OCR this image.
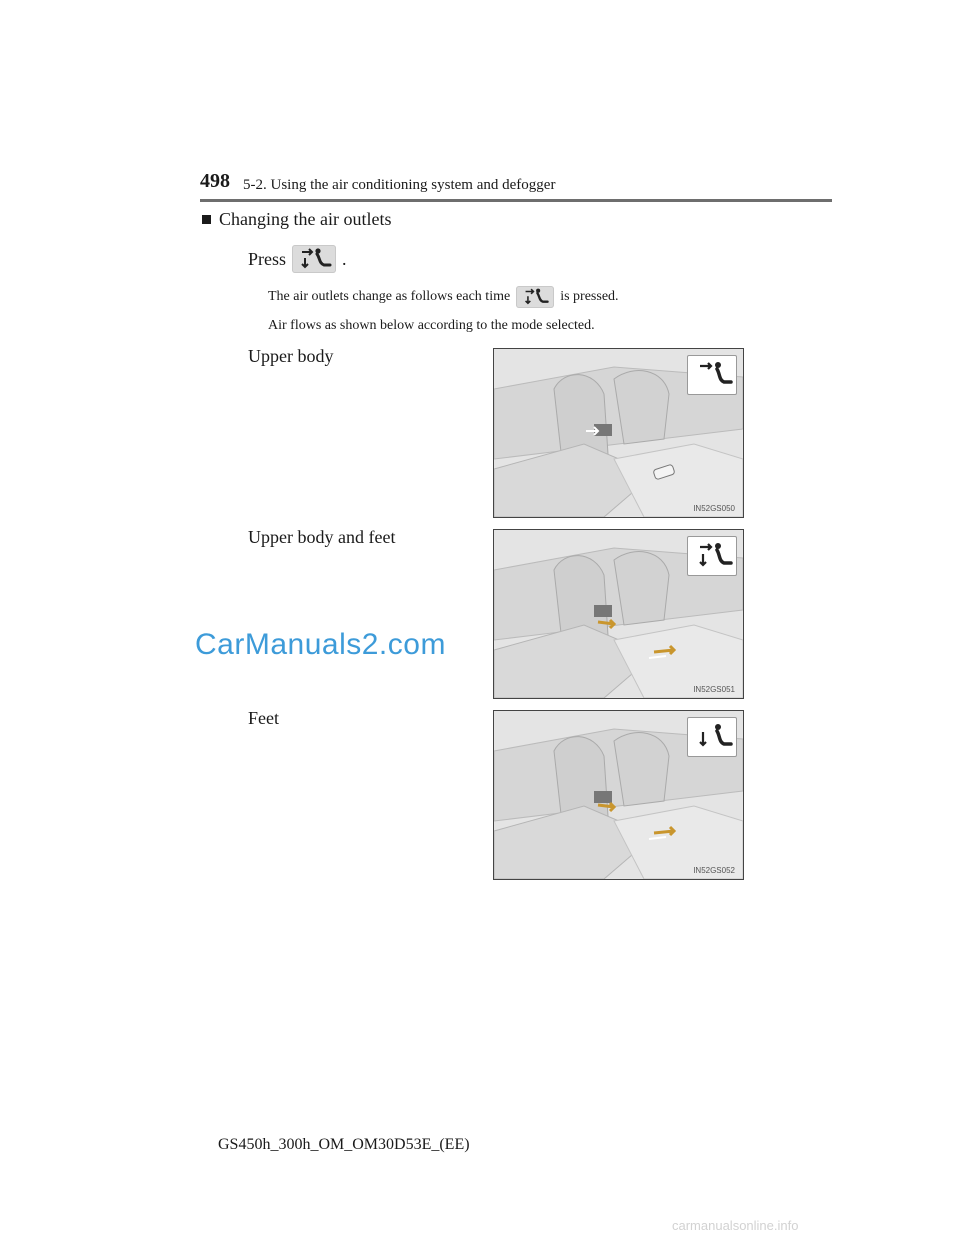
498 5-2. Using the air conditioning system and defogger
Changing the air outlets
Press	.
The air outlets change as follows each time	is pressed.
Air flows as shown below according to the mode selected.
Upper body
Upper body and feet
Feet
IN52GS050
IN52GS051
IN52GS052
CarManuals2.com
GS450h_300h_OM_OM30D53E_(EE)
carmanualsonline.info
